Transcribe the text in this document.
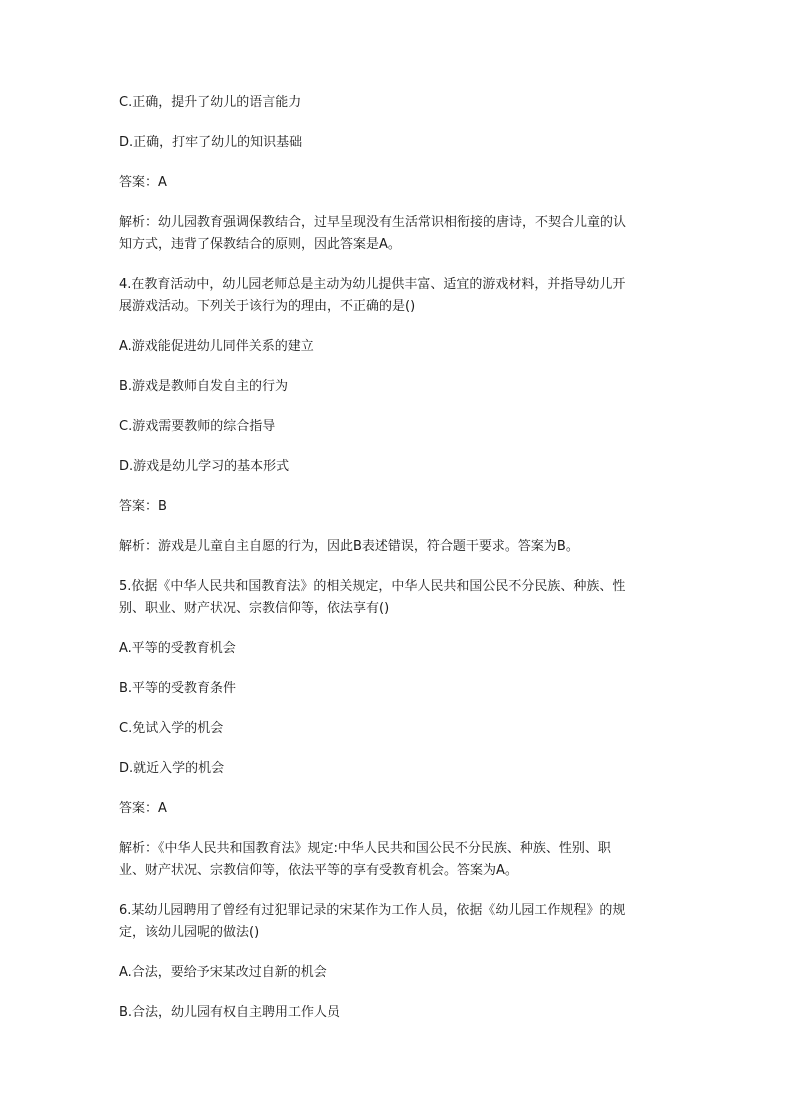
C.正确，提升了幼儿的语言能力

D.正确，打牢了幼儿的知识基础

答案：A

解析：幼儿园教育强调保教结合，过早呈现没有生活常识相衔接的唐诗，不契合儿童的认

知方式，违背了保教结合的原则，因此答案是A。

4.在教育活动中，幼儿园老师总是主动为幼儿提供丰富、适宜的游戏材料，并指导幼儿开

展游戏活动。下列关于该行为的理由，不正确的是()

A.游戏能促进幼儿同伴关系的建立

B.游戏是教师自发自主的行为

C.游戏需要教师的综合指导

D.游戏是幼儿学习的基本形式

答案：B

解析：游戏是儿童自主自愿的行为，因此B表述错误，符合题干要求。答案为B。

5.依据《中华人民共和国教育法》的相关规定，中华人民共和国公民不分民族、种族、性

别、职业、财产状况、宗教信仰等，依法享有()

A.平等的受教育机会

B.平等的受教育条件

C.免试入学的机会

D.就近入学的机会

答案：A

解析：《中华人民共和国教育法》规定:中华人民共和国公民不分民族、种族、性别、职

业、财产状况、宗教信仰等，依法平等的享有受教育机会。答案为A。

6.某幼儿园聘用了曾经有过犯罪记录的宋某作为工作人员，依据《幼儿园工作规程》的规

定，该幼儿园呢的做法()

A.合法，要给予宋某改过自新的机会

B.合法，幼儿园有权自主聘用工作人员
